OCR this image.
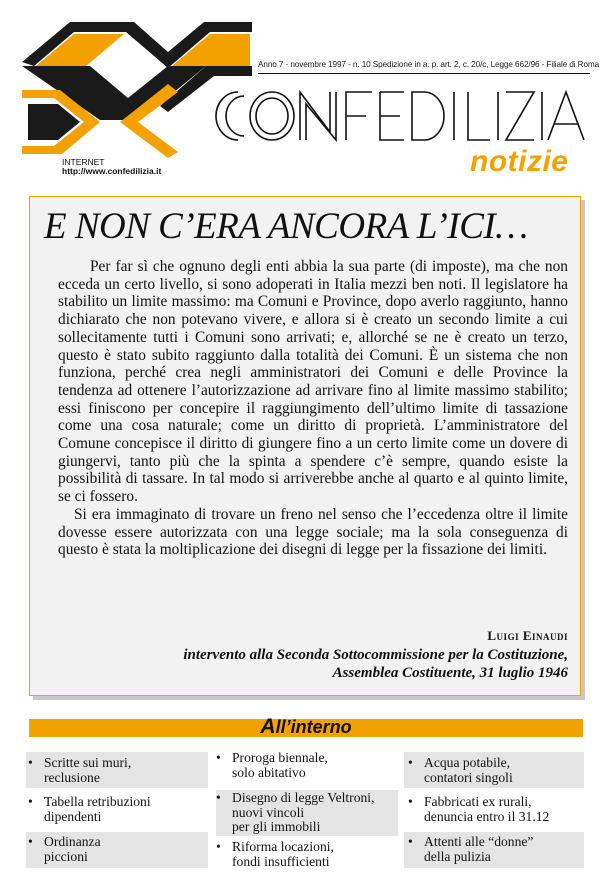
Anno 7 - novembre 1997 - n. 10 Spedizione in a. p. art. 2, c. 20/c, Legge 662/96 - Filiale di Roma
INTERNET
http://www.confedilizia.it	notizie
E NON C’ERA ANCORA L’ICI…

Per far sì che ognuno degli enti abbia la sua parte (di imposte), ma che non ecceda un certo livello, si sono adoperati in Italia mezzi ben noti. Il legislatore ha stabilito un limite massimo: ma Comuni e Province, dopo averlo raggiunto, hanno dichiarato che non potevano vivere, e allora si è creato un secondo limite a cui sollecitamente tutti i Comuni sono arrivati; e, allorché se ne è creato un terzo, questo è stato subito raggiunto dalla totalità dei Comuni. È un sistema che non funziona, perché crea negli amministratori dei Comuni e delle Province la tendenza ad ottenere l’autorizzazione ad arrivare fino al limite massimo stabilito; essi finiscono per concepire il raggiungimento dell’ultimo limite di tassazione come una cosa naturale; come un diritto di proprietà. L’amministratore del Comune concepisce il diritto di giungere fino a un certo limite come un dovere di giungervi, tanto più che la spinta a spendere c’è sempre, quando esiste la possibilità di tassare. In tal modo si arriverebbe anche al quarto e al quinto limite, se ci fossero.

Si era immaginato di trovare un freno nel senso che l’eccedenza oltre il limite dovesse essere autorizzata con una legge sociale; ma la sola conseguenza di questo è stata la moltiplicazione dei disegni di legge per la fissazione dei limiti.

Luigi Einaudi
intervento alla Seconda Sottocommissione per la Costituzione,
Assemblea Costituente, 31 luglio 1946
All’interno
• Scritte sui muri,
reclusione
• Tabella retribuzioni
dipendenti
• Ordinanza
piccioni
• Proroga biennale,
solo abitativo
• Disegno di legge Veltroni,
nuovi vincoli
per gli immobili
• Riforma locazioni,
fondi insufficienti
• Acqua potabile,
contatori singoli
• Fabbricati ex rurali,
denuncia entro il 31.12
• Attenti alle “donne”
della pulizia
